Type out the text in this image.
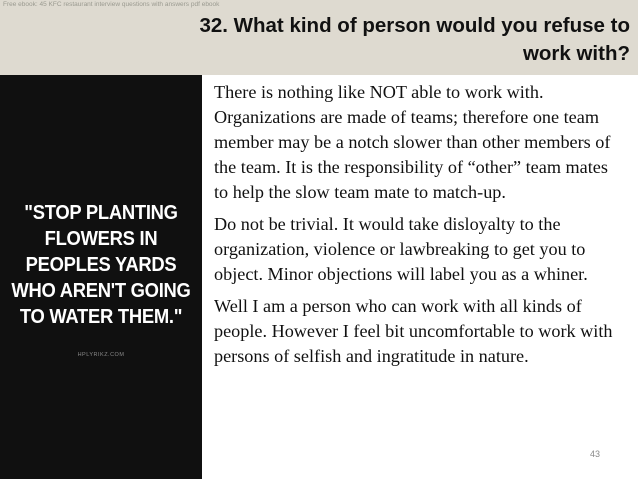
Free ebook: 45 KFC restaurant interview questions with answers pdf ebook
32. What kind of person would you refuse to work with?
"STOP PLANTING FLOWERS IN PEOPLES YARDS WHO AREN'T GOING TO WATER THEM."
HPLYRIKZ.COM

There is nothing like NOT able to work with. Organizations are made of teams; therefore one team member may be a notch slower than other members of the team. It is the responsibility of “other” team mates to help the slow team mate to match-up.

Do not be trivial. It would take disloyalty to the organization, violence or lawbreaking to get you to object. Minor objections will label you as a whiner.

Well I am a person who can work with all kinds of people. However I feel bit uncomfortable to work with persons of selfish and ingratitude in nature.

43
